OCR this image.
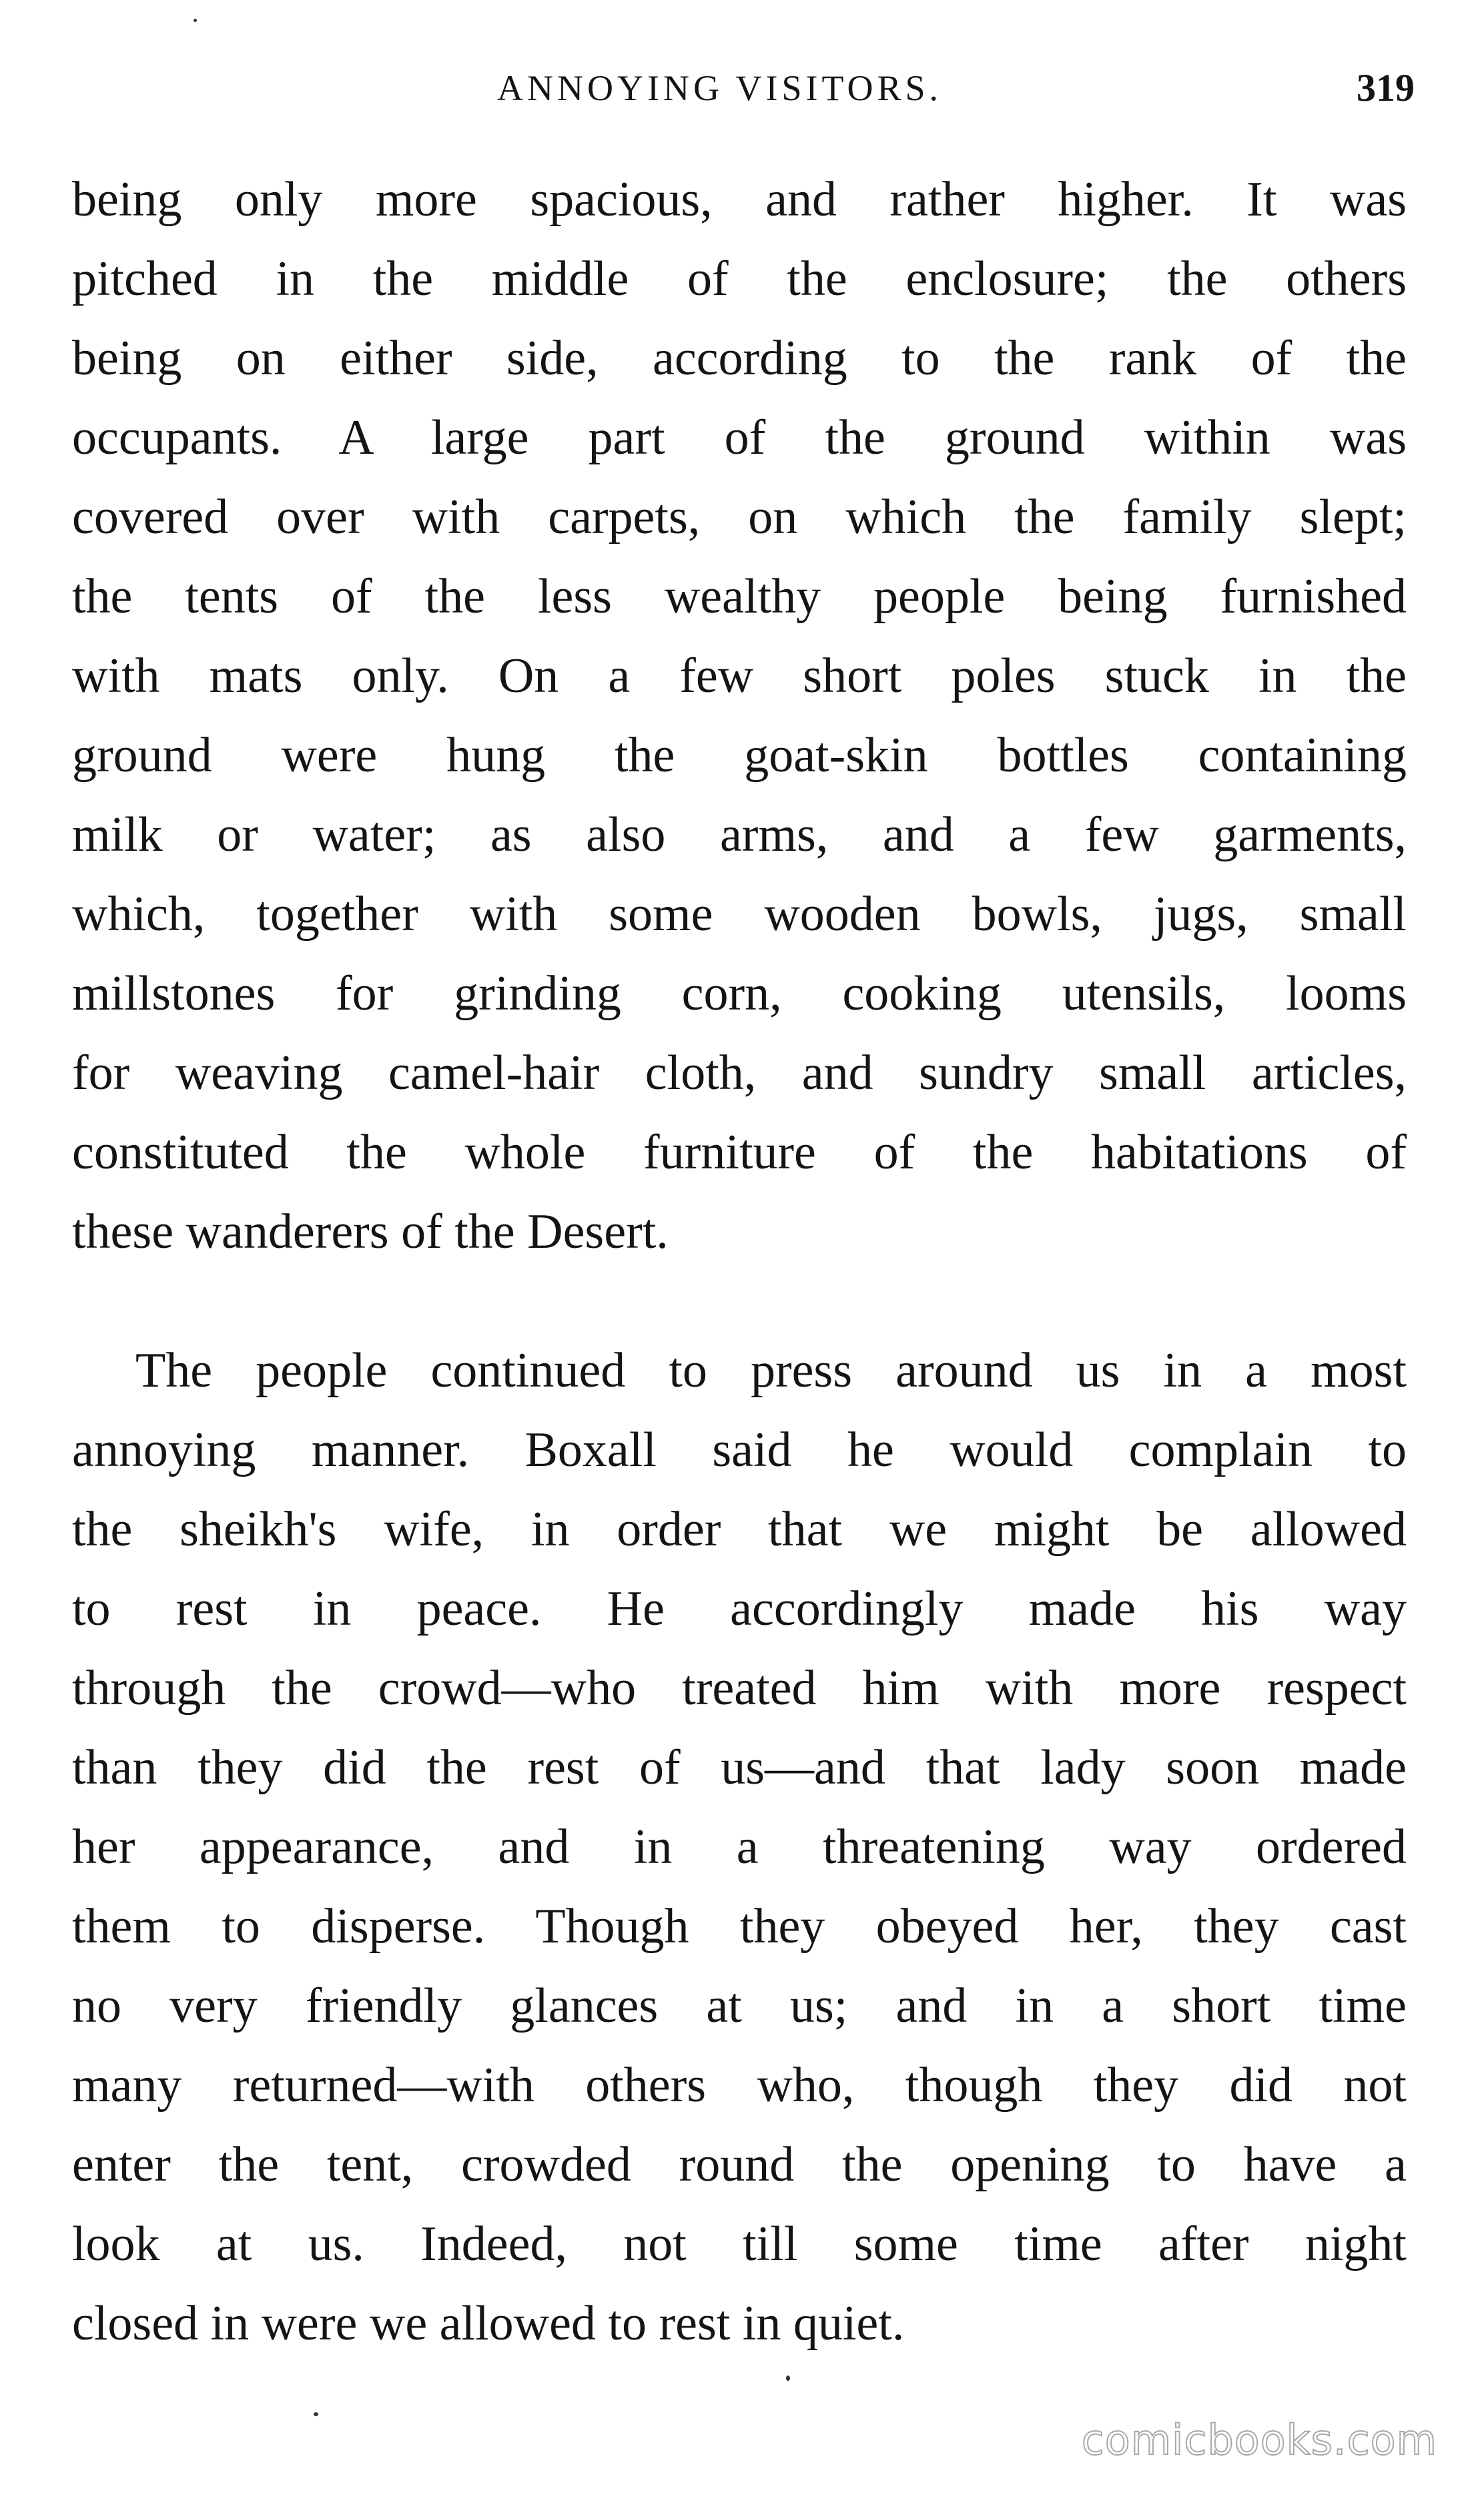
ANNOYING VISITORS.	319
being only more spacious, and rather higher. It was
pitched in the middle of the enclosure; the others
being on either side, according to the rank of the
occupants. A large part of the ground within was
covered over with carpets, on which the family slept;
the tents of the less wealthy people being furnished
with mats only. On a few short poles stuck in the
ground were hung the goat-skin bottles containing
milk or water; as also arms, and a few garments,
which, together with some wooden bowls, jugs, small
millstones for grinding corn, cooking utensils, looms
for weaving camel-hair cloth, and sundry small articles,
constituted the whole furniture of the habitations of
these wanderers of the Desert.
The people continued to press around us in a most
annoying manner. Boxall said he would complain to
the sheikh's wife, in order that we might be allowed
to rest in peace. He accordingly made his way
through the crowd—who treated him with more respect
than they did the rest of us—and that lady soon made
her appearance, and in a threatening way ordered
them to disperse. Though they obeyed her, they cast
no very friendly glances at us; and in a short time
many returned—with others who, though they did not
enter the tent, crowded round the opening to have a
look at us. Indeed, not till some time after night
closed in were we allowed to rest in quiet.
comicbooks.com
